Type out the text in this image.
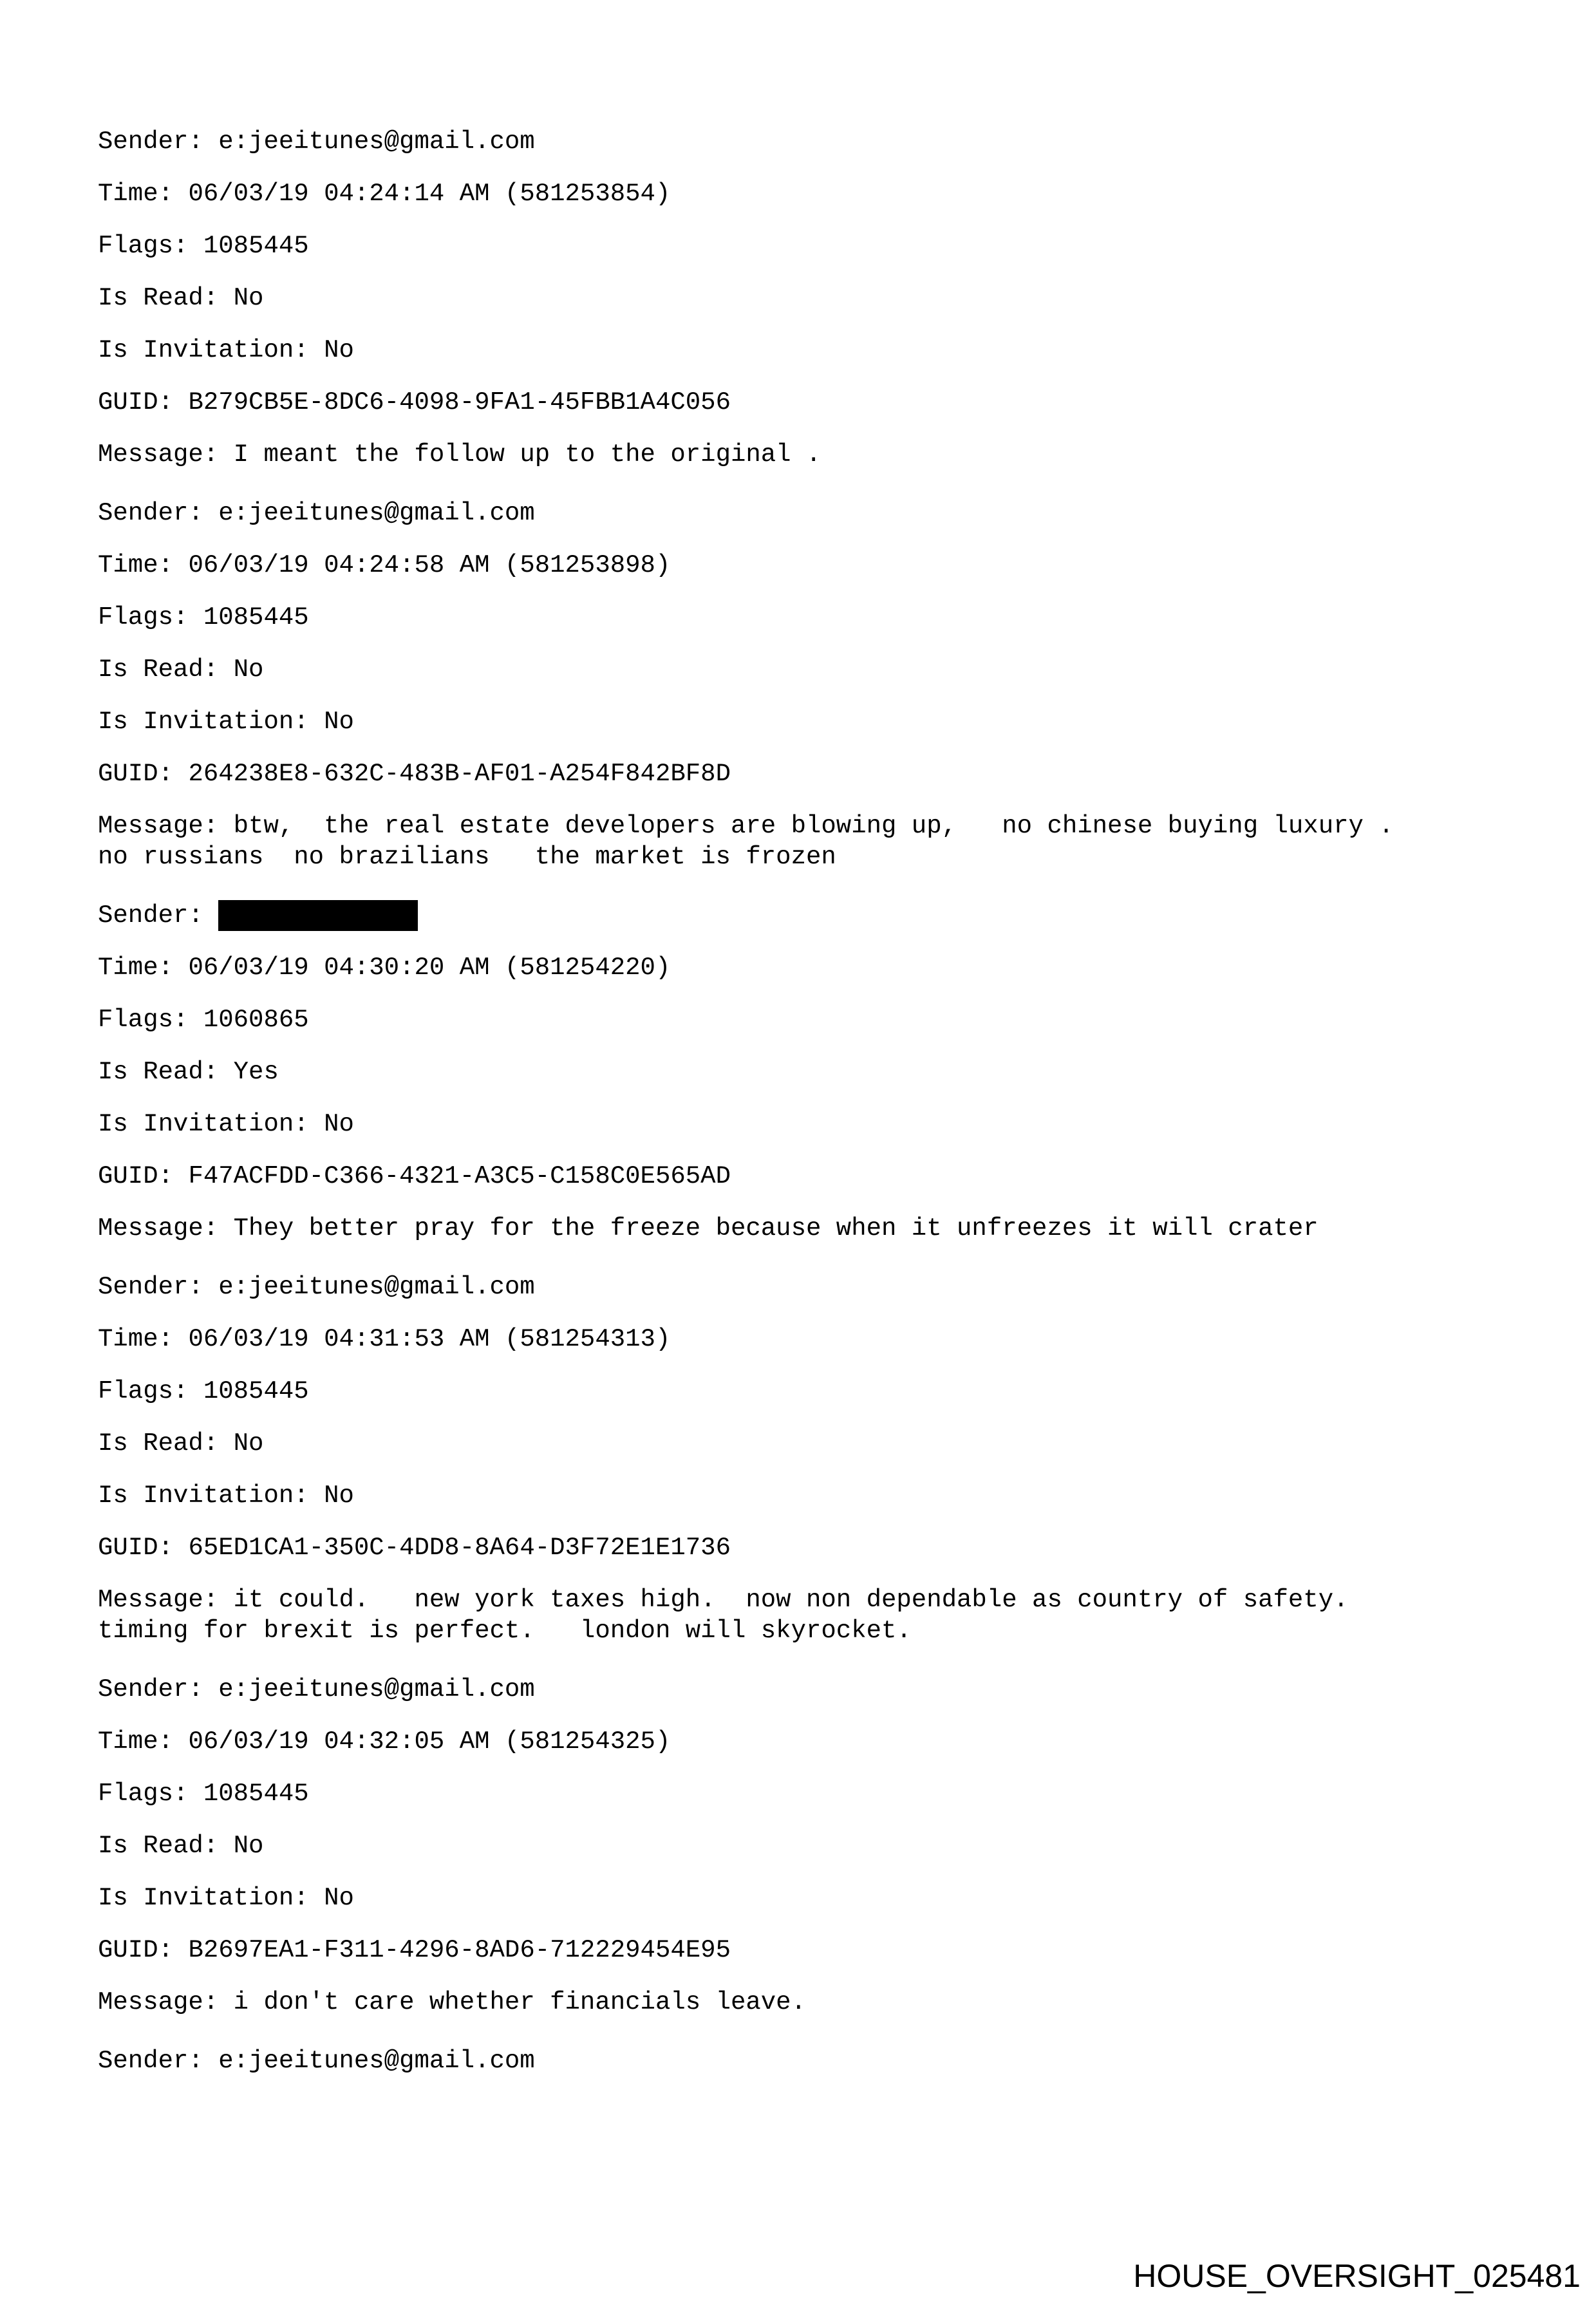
Sender: e:jeeitunes@gmail.com
Time: 06/03/19 04:24:14 AM (581253854)
Flags: 1085445
Is Read: No
Is Invitation: No
GUID: B279CB5E-8DC6-4098-9FA1-45FBB1A4C056
Message: I meant the follow up to the original .
Sender: e:jeeitunes@gmail.com
Time: 06/03/19 04:24:58 AM (581253898)
Flags: 1085445
Is Read: No
Is Invitation: No
GUID: 264238E8-632C-483B-AF01-A254F842BF8D
Message: btw,  the real estate developers are blowing up,   no chinese buying luxury .
no russians  no brazilians   the market is frozen
Sender:
Time: 06/03/19 04:30:20 AM (581254220)
Flags: 1060865
Is Read: Yes
Is Invitation: No
GUID: F47ACFDD-C366-4321-A3C5-C158C0E565AD
Message: They better pray for the freeze because when it unfreezes it will crater
Sender: e:jeeitunes@gmail.com
Time: 06/03/19 04:31:53 AM (581254313)
Flags: 1085445
Is Read: No
Is Invitation: No
GUID: 65ED1CA1-350C-4DD8-8A64-D3F72E1E1736
Message: it could.   new york taxes high.  now non dependable as country of safety.
timing for brexit is perfect.   london will skyrocket.
Sender: e:jeeitunes@gmail.com
Time: 06/03/19 04:32:05 AM (581254325)
Flags: 1085445
Is Read: No
Is Invitation: No
GUID: B2697EA1-F311-4296-8AD6-712229454E95
Message: i don't care whether financials leave.
Sender: e:jeeitunes@gmail.com
HOUSE_OVERSIGHT_025481
